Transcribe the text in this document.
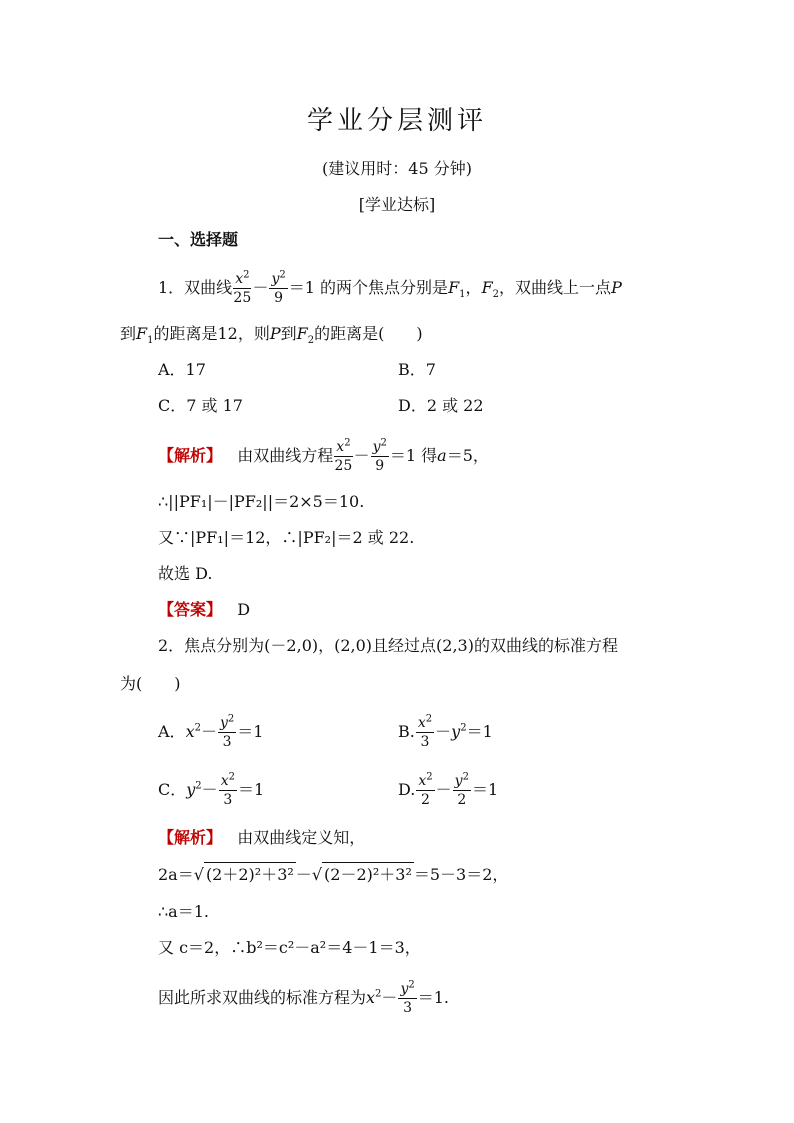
学业分层测评
(建议用时：45 分钟)
[学业达标]
一、选择题
1．双曲线 $\frac{x^2}{25} - \frac{y^2}{9} =1$ 的两个焦点分别是$F_1$，$F_2$，双曲线上一点P
到$F_1$的距离是12，则P到$F_2$的距离是(　　)
A．17	B．7
C．7 或 17	D．2 或 22
【解析】 由双曲线方程 $\frac{x^2}{25} - \frac{y^2}{9} =1$ 得a＝5，
∴||PF₁|－|PF₂||＝2×5＝10.
又∵|PF₁|＝12，∴|PF₂|＝2 或 22.
故选 D.
【答案】 D
2．焦点分别为(－2,0)，(2,0)且经过点(2,3)的双曲线的标准方程
为(　　)
A．$x^2- \frac{y^2}{3} =1$	B. $\frac{x^2}{3} -y^2=1$
C．$y^2- \frac{x^2}{3} =1$	D. $\frac{x^2}{2} - \frac{y^2}{2} =1$
【解析】 由双曲线定义知，
2a＝√ (2＋2)²＋3² －√ (2－2)²＋3² ＝5－3＝2，
∴a＝1.
又 c＝2，∴b²＝c²－a²＝4－1＝3，
因此所求双曲线的标准方程为$x^2- \frac{y^2}{3} =1$.
